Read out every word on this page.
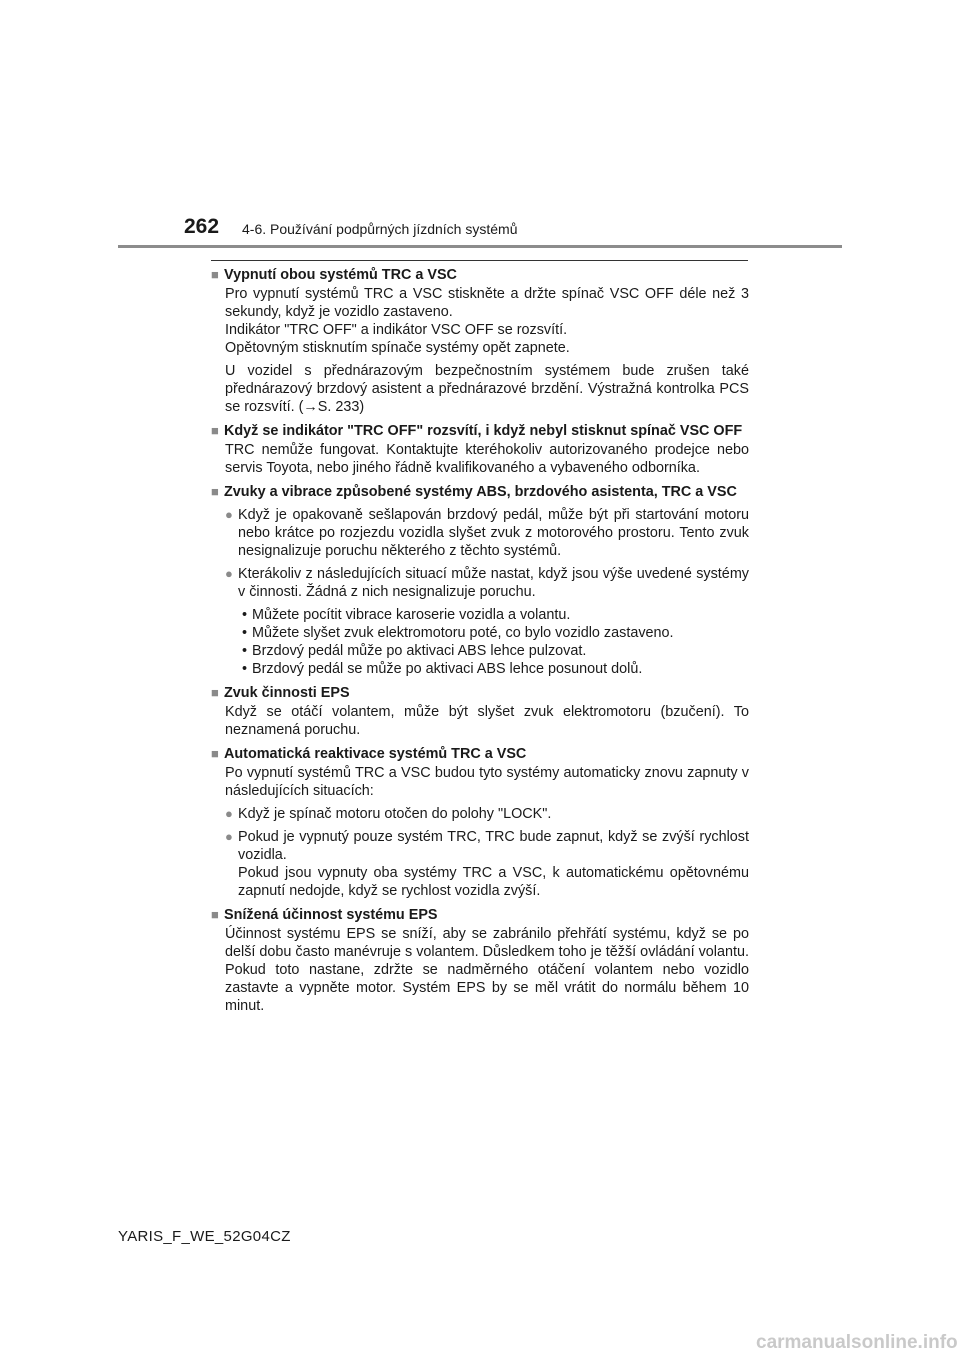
262 4-6. Používání podpůrných jízdních systémů
■ Vypnutí obou systémů TRC a VSC
Pro vypnutí systémů TRC a VSC stiskněte a držte spínač VSC OFF déle než 3 sekundy, když je vozidlo zastaveno.
Indikátor "TRC OFF" a indikátor VSC OFF se rozsvítí.
Opětovným stisknutím spínače systémy opět zapnete.
U vozidel s přednárazovým bezpečnostním systémem bude zrušen také přednárazový brzdový asistent a přednárazové brzdění. Výstražná kontrolka PCS se rozsvítí. (→S. 233)
■ Když se indikátor "TRC OFF" rozsvítí, i když nebyl stisknut spínač VSC OFF
TRC nemůže fungovat. Kontaktujte kteréhokoliv autorizovaného prodejce nebo servis Toyota, nebo jiného řádně kvalifikovaného a vybaveného odborníka.
■ Zvuky a vibrace způsobené systémy ABS, brzdového asistenta, TRC a VSC
● Když je opakovaně sešlapován brzdový pedál, může být při startování motoru nebo krátce po rozjezdu vozidla slyšet zvuk z motorového prostoru. Tento zvuk nesignalizuje poruchu některého z těchto systémů.
● Kterákoliv z následujících situací může nastat, když jsou výše uvedené systémy v činnosti. Žádná z nich nesignalizuje poruchu.
• Můžete pocítit vibrace karoserie vozidla a volantu.
• Můžete slyšet zvuk elektromotoru poté, co bylo vozidlo zastaveno.
• Brzdový pedál může po aktivaci ABS lehce pulzovat.
• Brzdový pedál se může po aktivaci ABS lehce posunout dolů.
■ Zvuk činnosti EPS
Když se otáčí volantem, může být slyšet zvuk elektromotoru (bzučení). To neznamená poruchu.
■ Automatická reaktivace systémů TRC a VSC
Po vypnutí systémů TRC a VSC budou tyto systémy automaticky znovu zapnuty v následujících situacích:
● Když je spínač motoru otočen do polohy "LOCK".
● Pokud je vypnutý pouze systém TRC, TRC bude zapnut, když se zvýší rychlost vozidla.
Pokud jsou vypnuty oba systémy TRC a VSC, k automatickému opětovnému zapnutí nedojde, když se rychlost vozidla zvýší.
■ Snížená účinnost systému EPS
Účinnost systému EPS se sníží, aby se zabránilo přehřátí systému, když se po delší dobu často manévruje s volantem. Důsledkem toho je těžší ovládání volantu. Pokud toto nastane, zdržte se nadměrného otáčení volantem nebo vozidlo zastavte a vypněte motor. Systém EPS by se měl vrátit do normálu během 10 minut.
YARIS_F_WE_52G04CZ
carmanualsonline.info
